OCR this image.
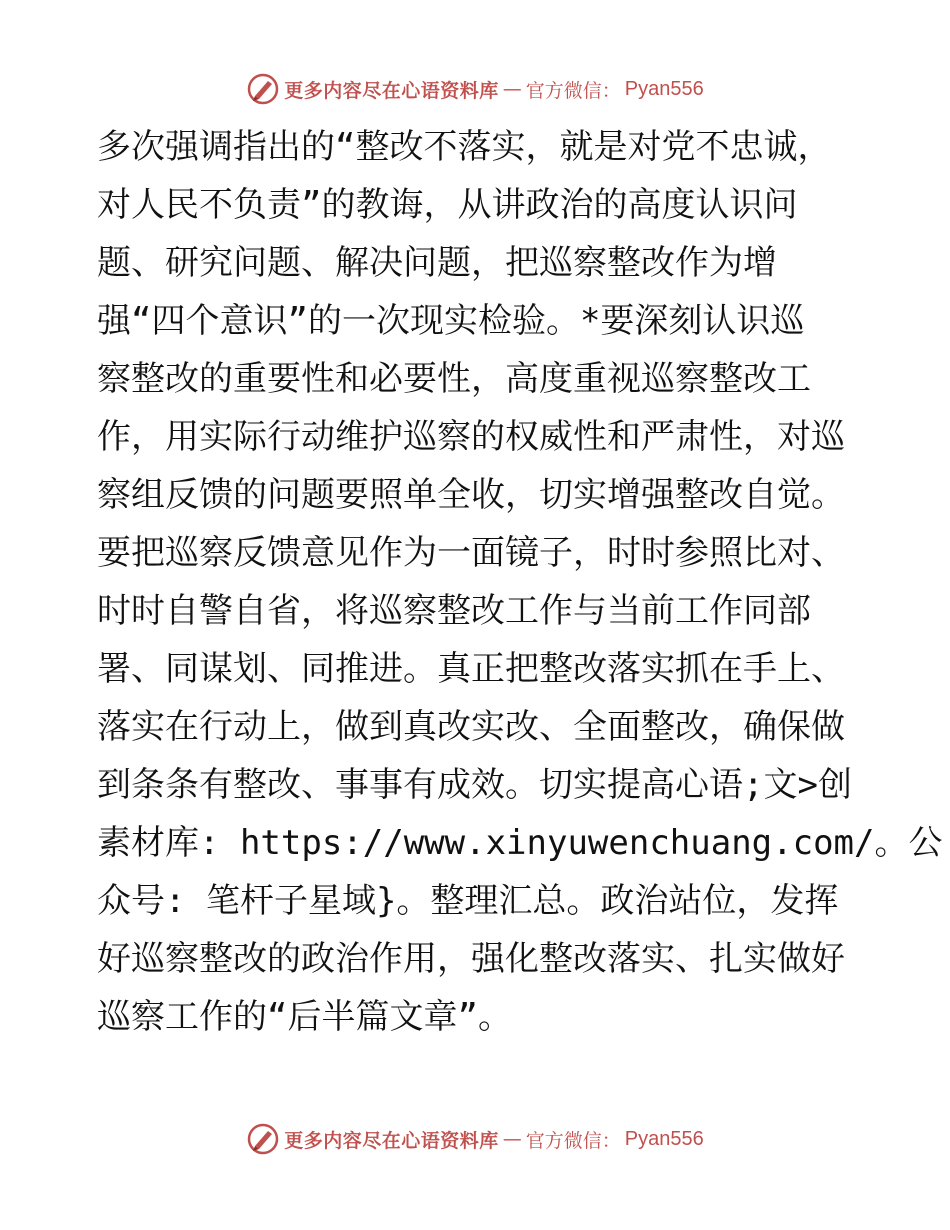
更多内容尽在心语资料库 — 官方微信： Pyan556
多次强调指出的“整改不落实，就是对党不忠诚，
对人民不负责”的教诲，从讲政治的高度认识问
题、研究问题、解决问题，把巡察整改作为增
强“四个意识”的一次现实检验。*要深刻认识巡
察整改的重要性和必要性，高度重视巡察整改工
作，用实际行动维护巡察的权威性和严肃性，对巡
察组反馈的问题要照单全收，切实增强整改自觉。
要把巡察反馈意见作为一面镜子，时时参照比对、
时时自警自省，将巡察整改工作与当前工作同部
署、同谋划、同推进。真正把整改落实抓在手上、
落实在行动上，做到真改实改、全面整改，确保做
到条条有整改、事事有成效。切实提高心语;文>创
素材库: https://www.xinyuwenchuang.com/。公
众号: 笔杆子星域}。整理汇总。政治站位，发挥
好巡察整改的政治作用，强化整改落实、扎实做好
巡察工作的“后半篇文章”。
更多内容尽在心语资料库 — 官方微信： Pyan556
